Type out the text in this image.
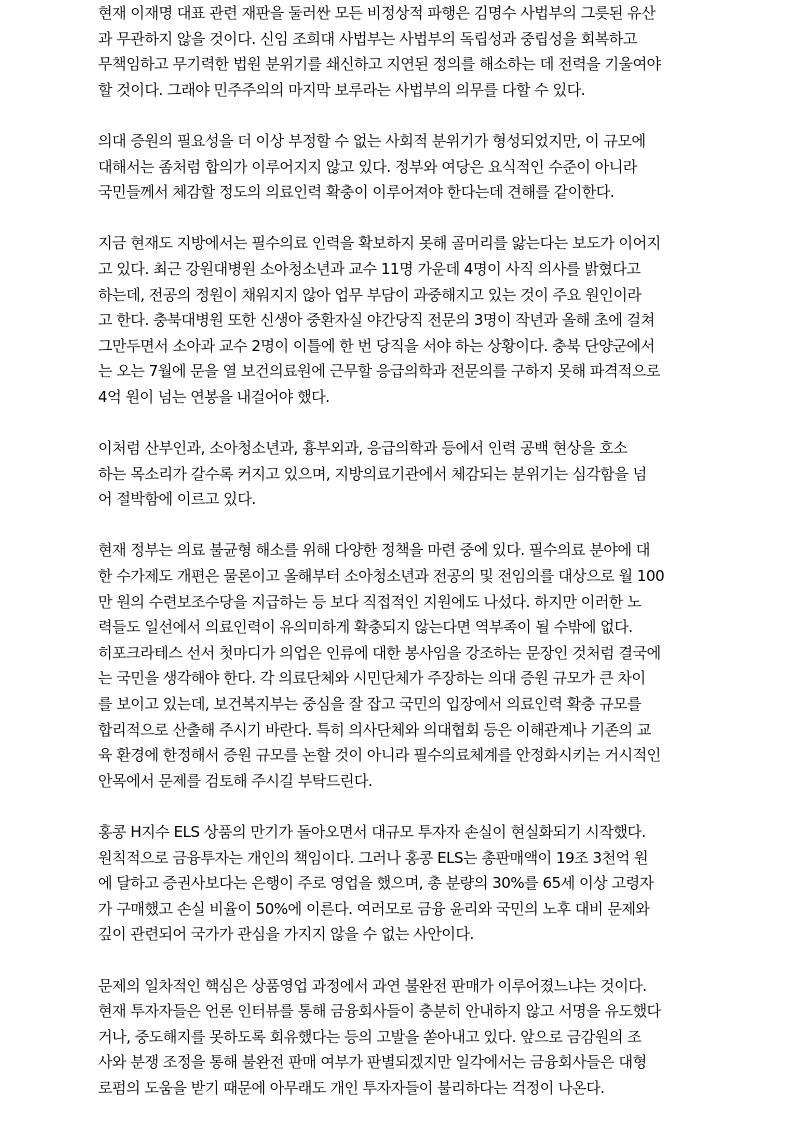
현재 이재명 대표 관련 재판을 둘러싼 모든 비정상적 파행은 김명수 사법부의 그릇된 유산
과 무관하지 않을 것이다. 신임 조희대 사법부는 사법부의 독립성과 중립성을 회복하고
무책임하고 무기력한 법원 분위기를 쇄신하고 지연된 정의를 해소하는 데 전력을 기울여야
할 것이다. 그래야 민주주의의 마지막 보루라는 사법부의 의무를 다할 수 있다.
의대 증원의 필요성을 더 이상 부정할 수 없는 사회적 분위기가 형성되었지만, 이 규모에
대해서는 좀처럼 합의가 이루어지지 않고 있다. 정부와 여당은 요식적인 수준이 아니라
국민들께서 체감할 정도의 의료인력 확충이 이루어져야 한다는데 견해를 같이한다.
지금 현재도 지방에서는 필수의료 인력을 확보하지 못해 골머리를 앓는다는 보도가 이어지
고 있다. 최근 강원대병원 소아청소년과 교수 11명 가운데 4명이 사직 의사를 밝혔다고
하는데, 전공의 정원이 채워지지 않아 업무 부담이 과중해지고 있는 것이 주요 원인이라
고 한다. 충북대병원 또한 신생아 중환자실 야간당직 전문의 3명이 작년과 올해 초에 걸쳐
그만두면서 소아과 교수 2명이 이틀에 한 번 당직을 서야 하는 상황이다. 충북 단양군에서
는 오는 7월에 문을 열 보건의료원에 근무할 응급의학과 전문의를 구하지 못해 파격적으로
4억 원이 넘는 연봉을 내걸어야 했다.
이처럼 산부인과, 소아청소년과, 흉부외과, 응급의학과 등에서 인력 공백 현상을 호소
하는 목소리가 갈수록 커지고 있으며, 지방의료기관에서 체감되는 분위기는 심각함을 넘
어 절박함에 이르고 있다.
현재 정부는 의료 불균형 해소를 위해 다양한 정책을 마련 중에 있다. 필수의료 분야에 대
한 수가제도 개편은 물론이고 올해부터 소아청소년과 전공의 및 전임의를 대상으로 월 100
만 원의 수련보조수당을 지급하는 등 보다 직접적인 지원에도 나섰다. 하지만 이러한 노
력들도 일선에서 의료인력이 유의미하게 확충되지 않는다면 역부족이 될 수밖에 없다.
히포크라테스 선서 첫마디가 의업은 인류에 대한 봉사임을 강조하는 문장인 것처럼 결국에
는 국민을 생각해야 한다. 각 의료단체와 시민단체가 주장하는 의대 증원 규모가 큰 차이
를 보이고 있는데, 보건복지부는 중심을 잘 잡고 국민의 입장에서 의료인력 확충 규모를
합리적으로 산출해 주시기 바란다. 특히 의사단체와 의대협회 등은 이해관계나 기존의 교
육 환경에 한정해서 증원 규모를 논할 것이 아니라 필수의료체계를 안정화시키는 거시적인
안목에서 문제를 검토해 주시길 부탁드린다.
홍콩 H지수 ELS 상품의 만기가 돌아오면서 대규모 투자자 손실이 현실화되기 시작했다.
원칙적으로 금융투자는 개인의 책임이다. 그러나 홍콩 ELS는 총판매액이 19조 3천억 원
에 달하고 증권사보다는 은행이 주로 영업을 했으며, 총 분량의 30%를 65세 이상 고령자
가 구매했고 손실 비율이 50%에 이른다. 여러모로 금융 윤리와 국민의 노후 대비 문제와
깊이 관련되어 국가가 관심을 가지지 않을 수 없는 사안이다.
문제의 일차적인 핵심은 상품영업 과정에서 과연 불완전 판매가 이루어졌느냐는 것이다.
현재 투자자들은 언론 인터뷰를 통해 금융회사들이 충분히 안내하지 않고 서명을 유도했다
거나, 중도해지를 못하도록 회유했다는 등의 고발을 쏟아내고 있다. 앞으로 금감원의 조
사와 분쟁 조정을 통해 불완전 판매 여부가 판별되겠지만 일각에서는 금융회사들은 대형
로펌의 도움을 받기 때문에 아무래도 개인 투자자들이 불리하다는 걱정이 나온다.
